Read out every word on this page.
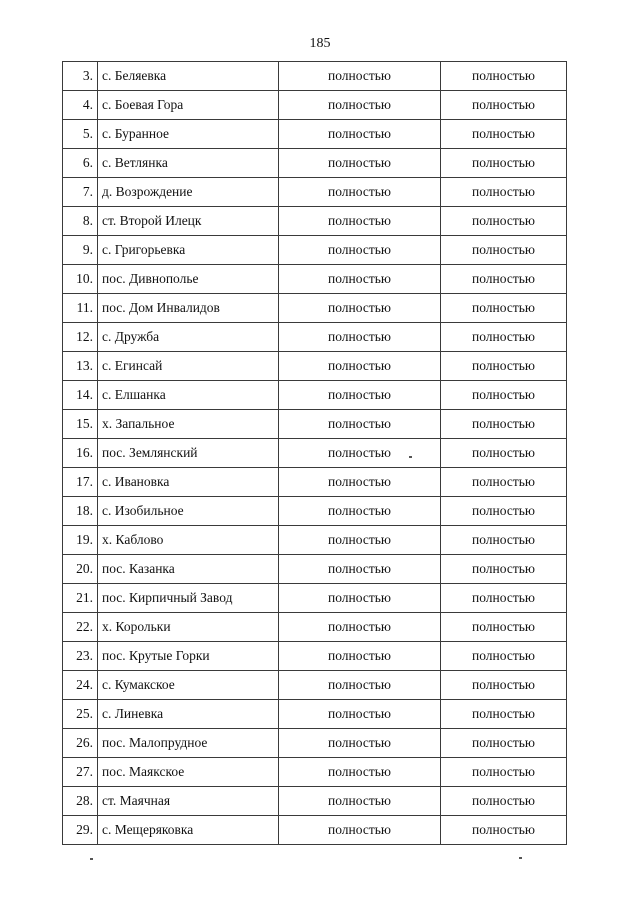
185
3.	с. Беляевка	полностью	полностью
4.	с. Боевая Гора	полностью	полностью
5.	с. Буранное	полностью	полностью
6.	с. Ветлянка	полностью	полностью
7.	д. Возрождение	полностью	полностью
8.	ст. Второй Илецк	полностью	полностью
9.	с. Григорьевка	полностью	полностью
10.	пос. Дивнополье	полностью	полностью
11.	пос. Дом Инвалидов	полностью	полностью
12.	с. Дружба	полностью	полностью
13.	с. Егинсай	полностью	полностью
14.	с. Елшанка	полностью	полностью
15.	х. Запальное	полностью	полностью
16.	пос. Землянский	полностью	полностью
17.	с. Ивановка	полностью	полностью
18.	с. Изобильное	полностью	полностью
19.	х. Каблово	полностью	полностью
20.	пос. Казанка	полностью	полностью
21.	пос. Кирпичный Завод	полностью	полностью
22.	х. Корольки	полностью	полностью
23.	пос. Крутые Горки	полностью	полностью
24.	с. Кумакское	полностью	полностью
25.	с. Линевка	полностью	полностью
26.	пос. Малопрудное	полностью	полностью
27.	пос. Маякское	полностью	полностью
28.	ст. Маячная	полностью	полностью
29.	с. Мещеряковка	полностью	полностью
